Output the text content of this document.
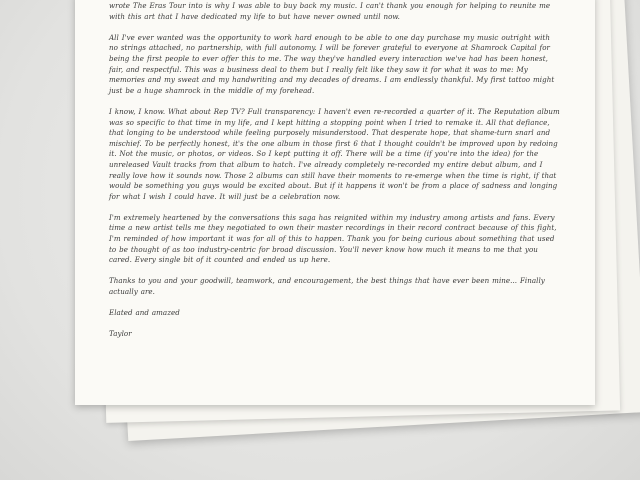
wrote The Eras Tour into is why I was able to buy back my music. I can't thank you enough for helping to reunite me with this art that I have dedicated my life to but have never owned until now.

All I've ever wanted was the opportunity to work hard enough to be able to one day purchase my music outright with no strings attached, no partnership, with full autonomy. I will be forever grateful to everyone at Shamrock Capital for being the first people to ever offer this to me. The way they've handled every interaction we've had has been honest, fair, and respectful. This was a business deal to them but I really felt like they saw it for what it was to me: My memories and my sweat and my handwriting and my decades of dreams. I am endlessly thankful. My first tattoo might just be a huge shamrock in the middle of my forehead.

I know, I know. What about Rep TV? Full transparency: I haven't even re-recorded a quarter of it. The Reputation album was so specific to that time in my life, and I kept hitting a stopping point when I tried to remake it. All that defiance, that longing to be understood while feeling purposely misunderstood. That desperate hope, that shame-turn snarl and mischief. To be perfectly honest, it's the one album in those first 6 that I thought couldn't be improved upon by redoing it. Not the music, or photos, or videos. So I kept putting it off. There will be a time (if you're into the idea) for the unreleased Vault tracks from that album to hatch. I've already completely re-recorded my entire debut album, and I really love how it sounds now. Those 2 albums can still have their moments to re-emerge when the time is right, if that would be something you guys would be excited about. But if it happens it won't be from a place of sadness and longing for what I wish I could have. It will just be a celebration now.

I'm extremely heartened by the conversations this saga has reignited within my industry among artists and fans. Every time a new artist tells me they negotiated to own their master recordings in their record contract because of this fight, I'm reminded of how important it was for all of this to happen. Thank you for being curious about something that used to be thought of as too industry-centric for broad discussion. You'll never know how much it means to me that you cared. Every single bit of it counted and ended us up here.

Thanks to you and your goodwill, teamwork, and encouragement, the best things that have ever been mine... Finally actually are.

Elated and amazed

Taylor
